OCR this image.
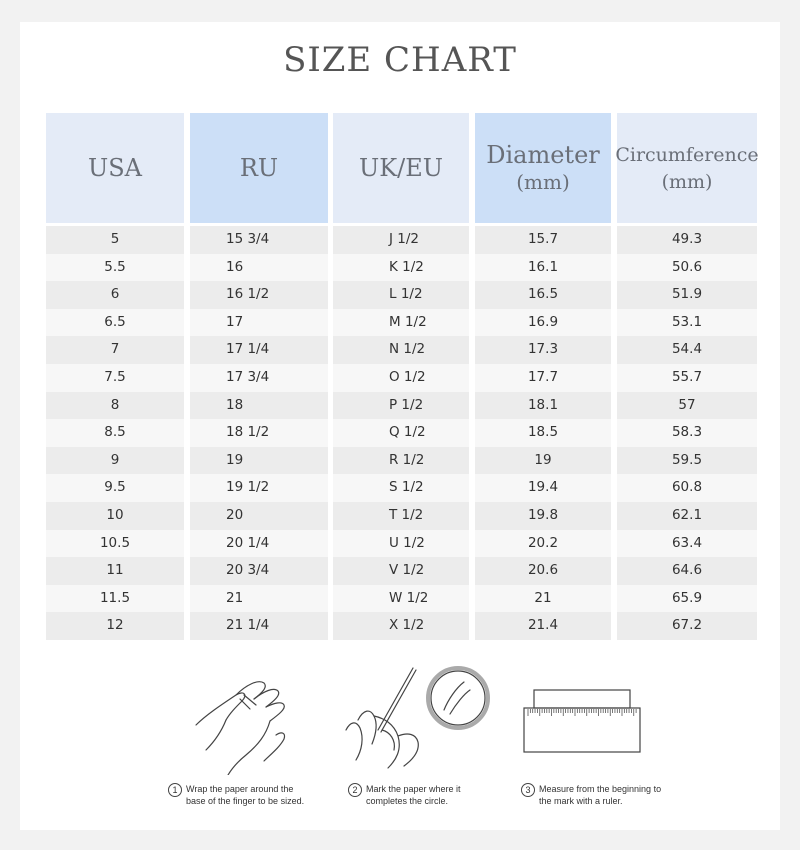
SIZE CHART
USA
5
5.5
6
6.5
7
7.5
8
8.5
9
9.5
10
10.5
11
11.5
12
RU
15 3/4
16
16 1/2
17
17 1/4
17 3/4
18
18 1/2
19
19 1/2
20
20 1/4
20 3/4
21
21 1/4
UK/EU
J 1/2
K 1/2
L 1/2
M 1/2
N 1/2
O 1/2
P 1/2
Q 1/2
R 1/2
S 1/2
T 1/2
U 1/2
V 1/2
W 1/2
X 1/2
Diameter
(mm)
15.7
16.1
16.5
16.9
17.3
17.7
18.1
18.5
19
19.4
19.8
20.2
20.6
21
21.4
Circumference
(mm)
49.3
50.6
51.9
53.1
54.4
55.7
57
58.3
59.5
60.8
62.1
63.4
64.6
65.9
67.2
1 Wrap the paper around the
base of the finger to be sized.
2 Mark the paper where it
completes the circle.
3 Measure from the beginning to
the mark with a ruler.
